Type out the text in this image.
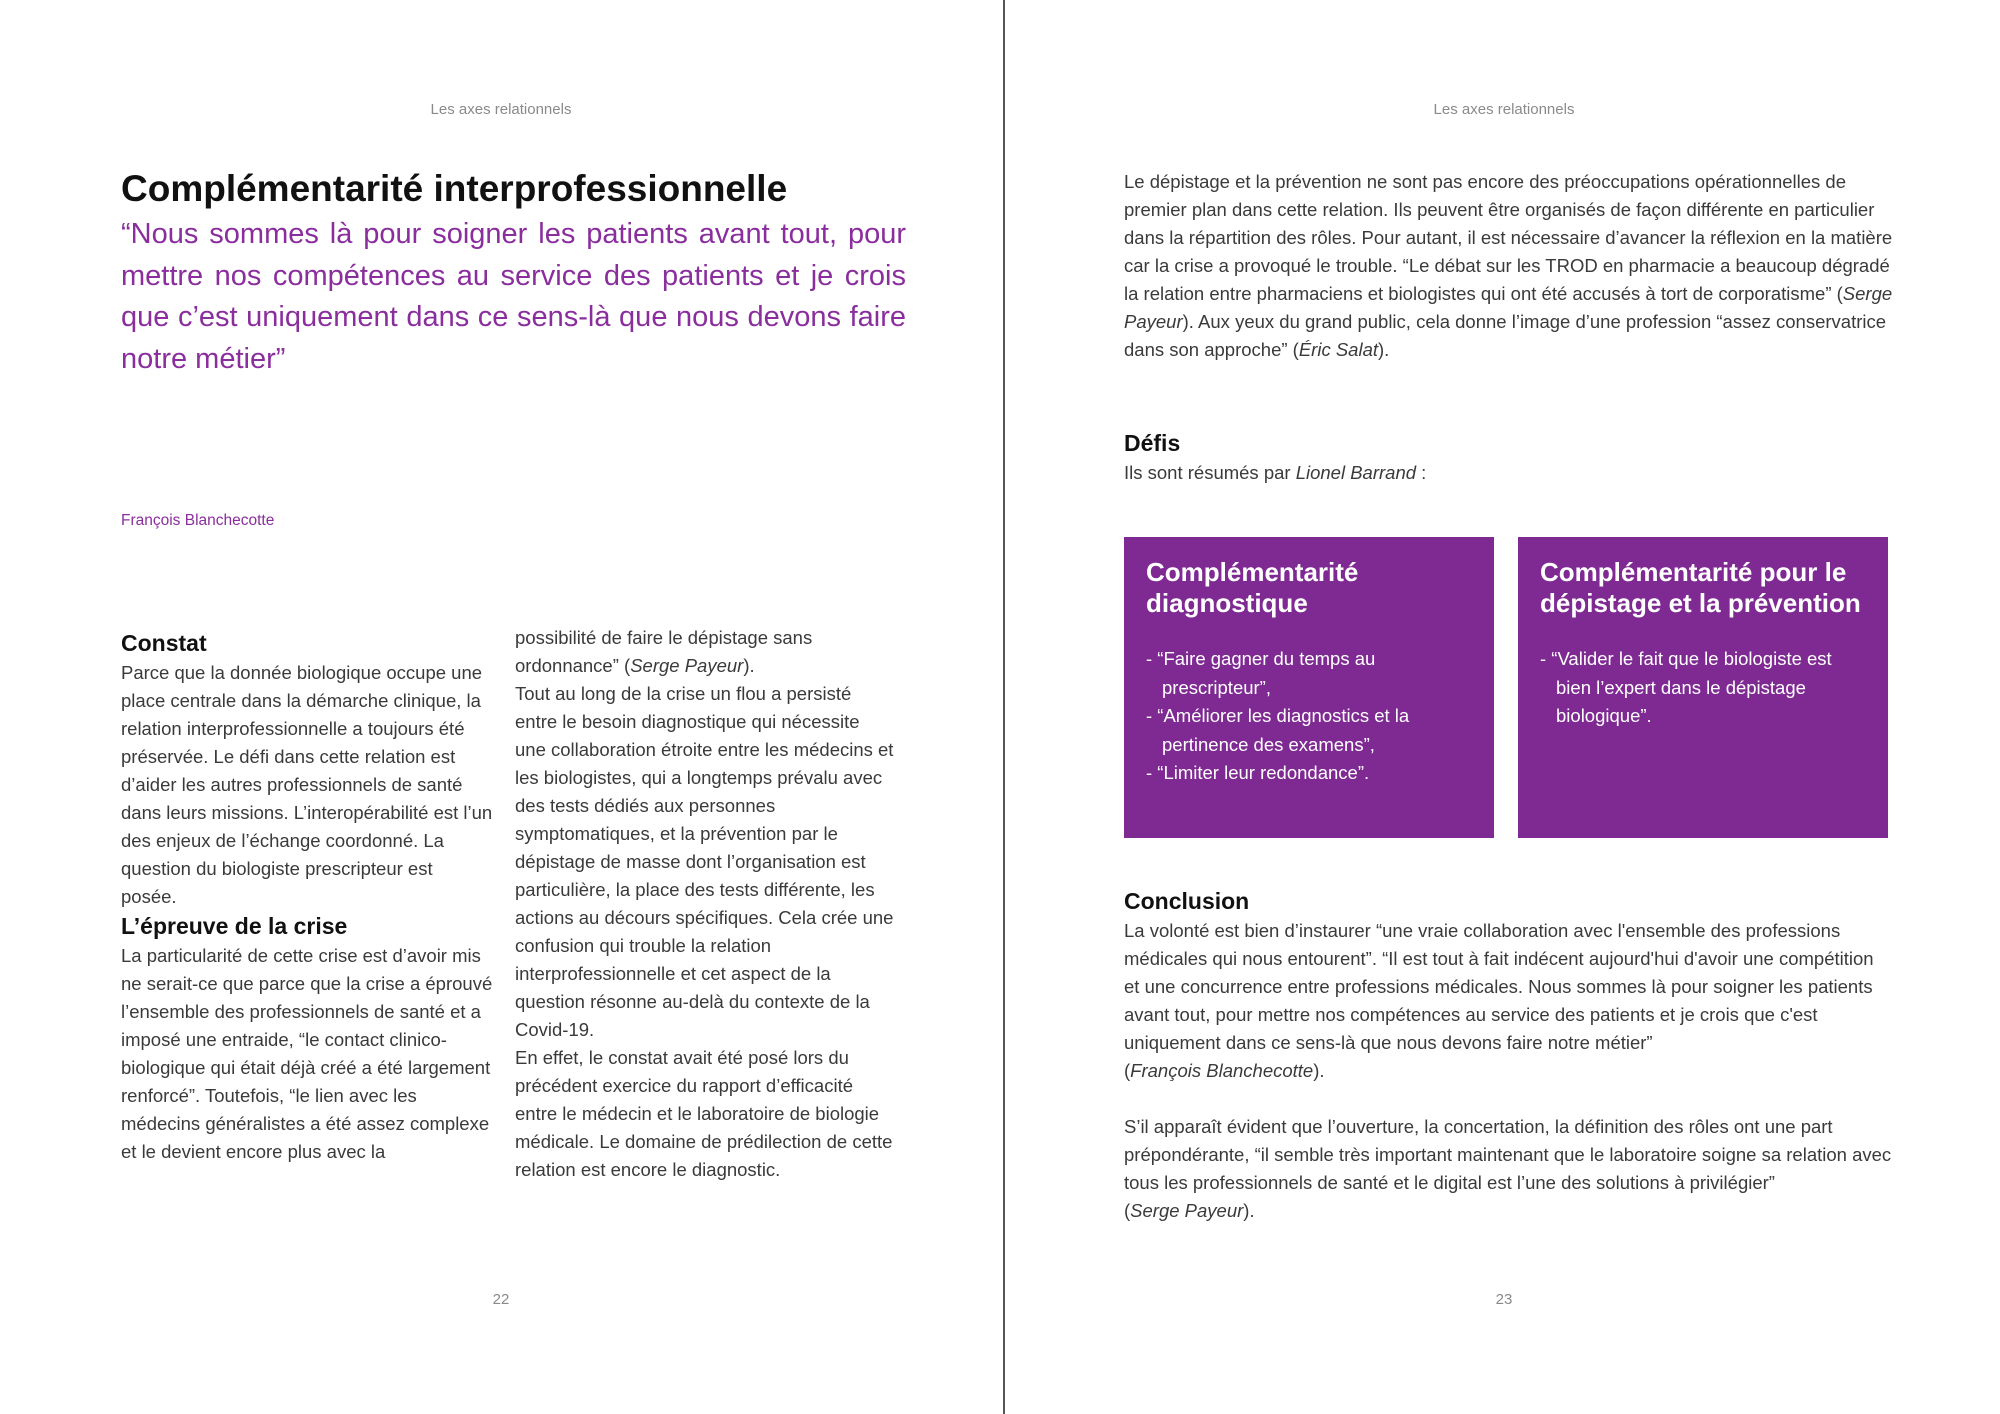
Les axes relationnels
Complémentarité interprofessionnelle
“Nous sommes là pour soigner les patients avant tout, pour mettre nos compétences au service des patients et je crois que c’est uniquement dans ce sens-là que nous devons faire notre métier”
François Blanchecotte
Constat

Parce que la donnée biologique occupe une place centrale dans la démarche clinique, la relation interprofessionnelle a toujours été préservée. Le défi dans cette relation est d’aider les autres professionnels de santé dans leurs missions. L’interopérabilité est l’un des enjeux de l’échange coordonné. La question du biologiste prescripteur est posée.

L’épreuve de la crise

La particularité de cette crise est d’avoir mis ne serait-ce que parce que la crise a éprouvé l’ensemble des professionnels de santé et a imposé une entraide, “le contact clinico-biologique qui était déjà créé a été largement renforcé”. Toutefois, “le lien avec les médecins généralistes a été assez complexe et le devient encore plus avec la

possibilité de faire le dépistage sans ordonnance” (Serge Payeur).

Tout au long de la crise un flou a persisté entre le besoin diagnostique qui nécessite une collaboration étroite entre les médecins et les biologistes, qui a longtemps prévalu avec des tests dédiés aux personnes symptomatiques, et la prévention par le dépistage de masse dont l’organisation est particulière, la place des tests différente, les actions au décours spécifiques. Cela crée une confusion qui trouble la relation interprofessionnelle et cet aspect de la question résonne au-delà du contexte de la Covid-19.

En effet, le constat avait été posé lors du précédent exercice du rapport d’efficacité entre le médecin et le laboratoire de biologie médicale. Le domaine de prédilection de cette relation est encore le diagnostic.

22
Les axes relationnels

Le dépistage et la prévention ne sont pas encore des préoccupations opérationnelles de premier plan dans cette relation. Ils peuvent être organisés de façon différente en particulier dans la répartition des rôles. Pour autant, il est nécessaire d’avancer la réflexion en la matière car la crise a provoqué le trouble. “Le débat sur les TROD en pharmacie a beaucoup dégradé la relation entre pharmaciens et biologistes qui ont été accusés à tort de corporatisme” (Serge Payeur). Aux yeux du grand public, cela donne l’image d’une profession “assez conservatrice dans son approche” (Éric Salat).

Défis

Ils sont résumés par Lionel Barrand :

Complémentarité diagnostique
- “Faire gagner du temps au prescripteur”,
- “Améliorer les diagnostics et la pertinence des examens”,
- “Limiter leur redondance”.
Complémentarité pour le dépistage et la prévention
- “Valider le fait que le biologiste est bien l’expert dans le dépistage biologique”.
Conclusion

La volonté est bien d’instaurer “une vraie collaboration avec l'ensemble des professions médicales qui nous entourent”. “Il est tout à fait indécent aujourd'hui d'avoir une compétition et une concurrence entre professions médicales. Nous sommes là pour soigner les patients avant tout, pour mettre nos compétences au service des patients et je crois que c'est uniquement dans ce sens-là que nous devons faire notre métier”
(François Blanchecotte).

S’il apparaît évident que l’ouverture, la concertation, la définition des rôles ont une part prépondérante, “il semble très important maintenant que le laboratoire soigne sa relation avec tous les professionnels de santé et le digital est l’une des solutions à privilégier”
(Serge Payeur).

23
